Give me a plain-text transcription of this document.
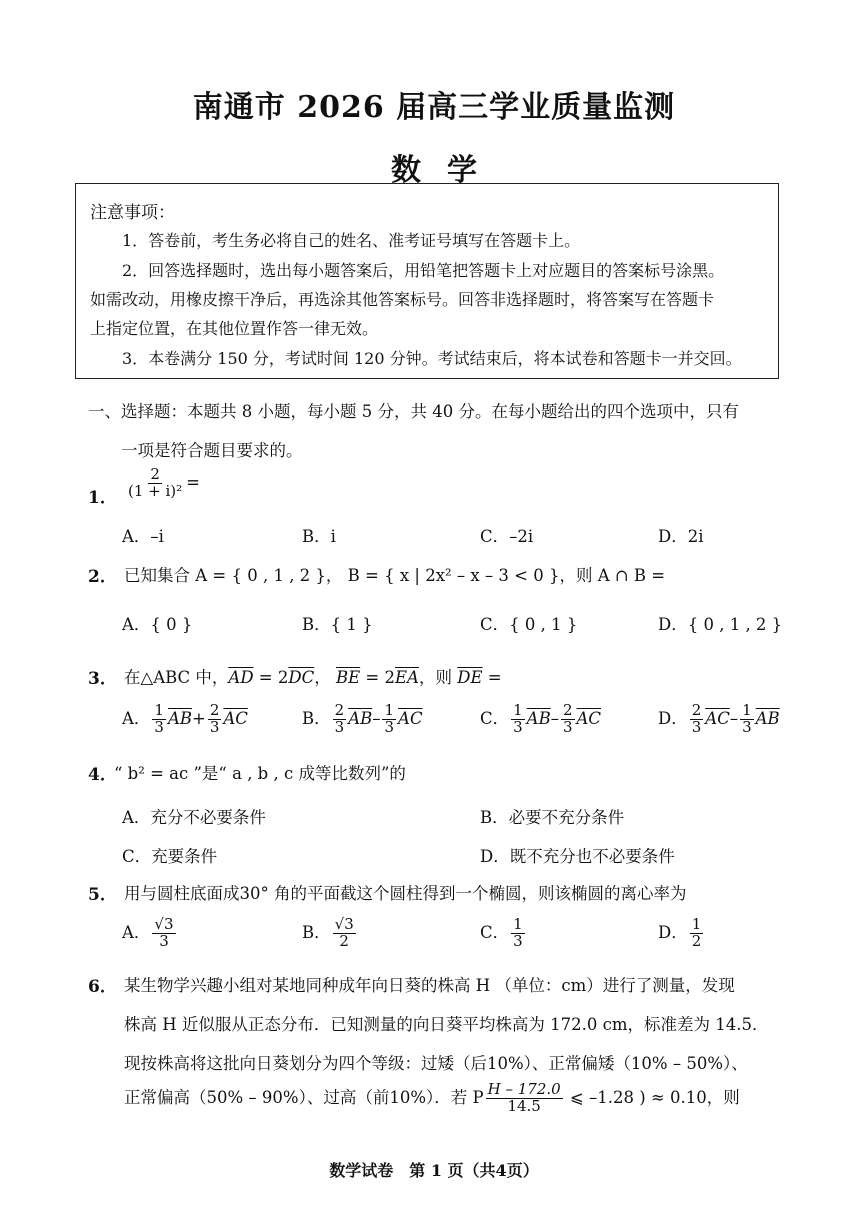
南通市 2026 届高三学业质量监测
数学
注意事项：
1．答卷前，考生务必将自己的姓名、准考证号填写在答题卡上。
2．回答选择题时，选出每小题答案后，用铅笔把答题卡上对应题目的答案标号涂黑。
如需改动，用橡皮擦干净后，再选涂其他答案标号。回答非选择题时，将答案写在答题卡
上指定位置，在其他位置作答一律无效。
3．本卷满分 150 分，考试时间 120 分钟。考试结束后，将本试卷和答题卡一并交回。
一、选择题：本题共 8 小题，每小题 5 分，共 40 分。在每小题给出的四个选项中，只有
一项是符合题目要求的。
1． $\frac{2}{\text{(1 + i)²}}$ =
A．–i	B．i	C．–2i	D．2i
2． 已知集合 A = { 0 , 1 , 2 }， B = { x | 2x² – x – 3 < 0 }，则 A ∩ B =
A．{ 0 }	B．{ 1 }	C．{ 0 , 1 }	D．{ 0 , 1 , 2 }
3． 在△ABC 中，$\overline{AD} = 2\overline{DC}$， $\overline{BE} = 2\overline{EA}$，则 $\overline{DE}$ =
A． $\frac{1}{3} \overline{AB}+ \frac{2}{3} \overline{AC}$	B． $\frac{2}{3} \overline{AB}- \frac{1}{3} \overline{AC}$	C． $\frac{1}{3} \overline{AB}- \frac{2}{3} \overline{AC}$	D． $\frac{2}{3} \overline{AC}- \frac{1}{3} \overline{AB}$
4．
“ b² = ac ”是“ a , b , c 成等比数列”的
A．充分不必要条件	B．必要不充分条件
C．充要条件	D．既不充分也不必要条件
5． 用与圆柱底面成30° 角的平面截这个圆柱得到一个椭圆，则该椭圆的离心率为
A． $\frac{√3}{3}$	B． $\frac{√3}{2}$	C． $\frac{1}{3}$	D． $\frac{1}{2}$
6． 某生物学兴趣小组对某地同种成年向日葵的株高 H （单位：cm）进行了测量，发现
株高 H 近似服从正态分布．已知测量的向日葵平均株高为 172.0 cm，标准差为 14.5．
现按株高将这批向日葵划分为四个等级：过矮（后10%）、正常偏矮（10% – 50%）、
正常偏高（50% – 90%）、过高（前10%）．若 P $\frac{H - 172.0}{14.5}$ ⩽ –1.28 ) ≈ 0.10，则
数学试卷　第 1 页（共4页）
